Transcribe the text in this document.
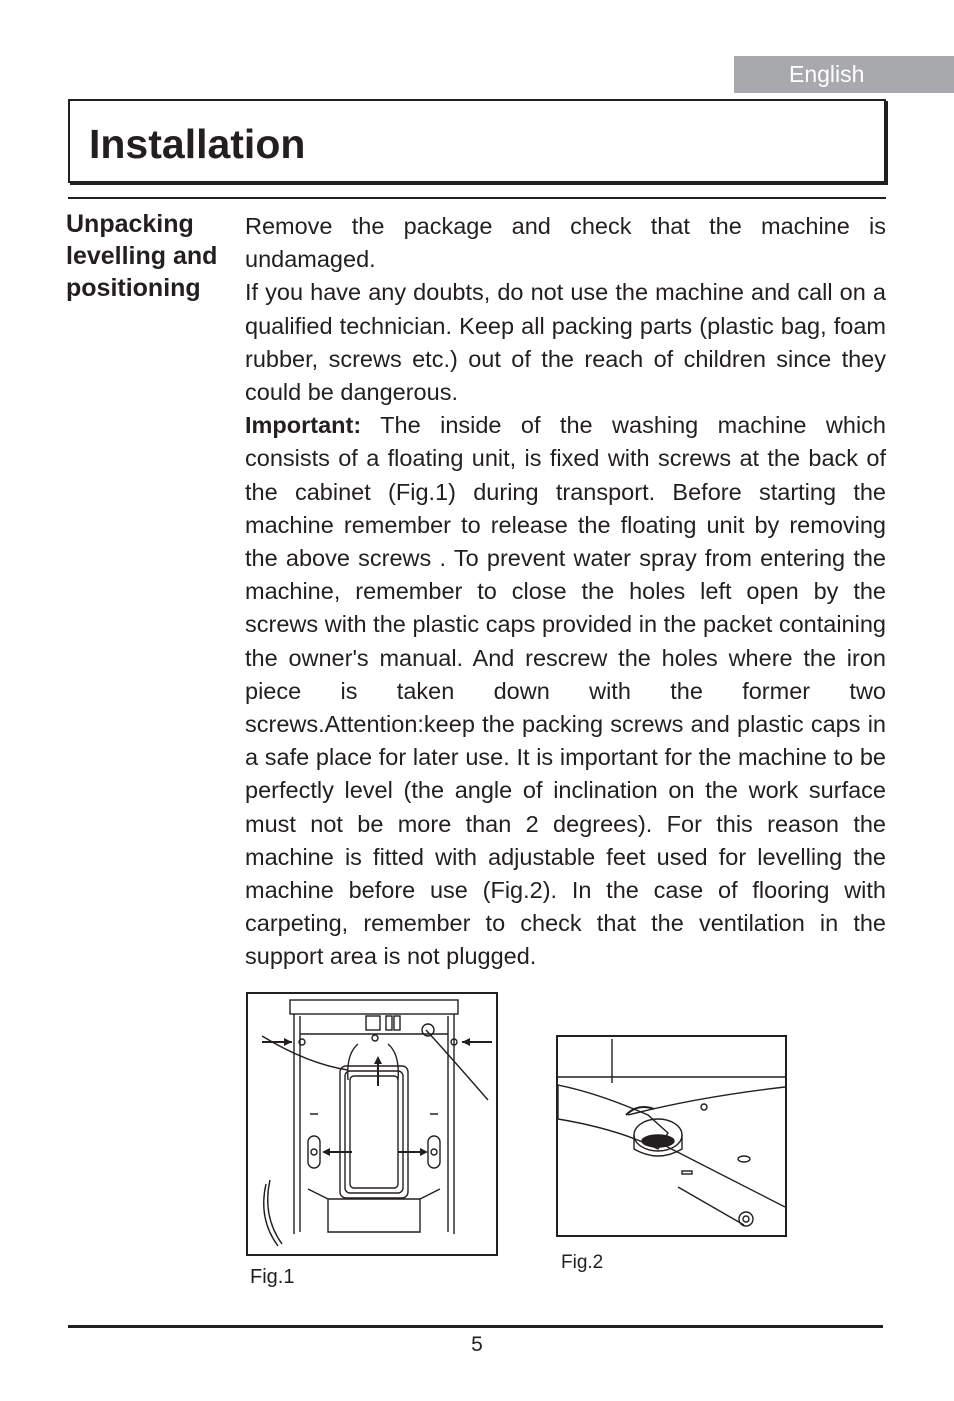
English
Installation
Unpacking
levelling and
positioning

Remove the package and check that the machine is undamaged.

If you have any doubts, do not use the machine and call on a qualified technician. Keep all packing parts (plastic bag, foam rubber, screws etc.) out of the reach of children since they could be dangerous.

Important: The inside of the washing machine which consists of a floating unit, is fixed with screws at the back of the cabinet (Fig.1) during transport. Before starting the machine remember to release the floating unit by removing the above screws . To prevent water spray from entering the machine, remember to close the holes left open by the screws with the plastic caps provided in the packet containing the owner's manual. And rescrew the holes where the iron piece is taken down with the former two screws.Attention:keep the packing screws and plastic caps in a safe place for later use. It is important for the machine to be perfectly level (the angle of inclination on the work surface must not be more than 2 degrees). For this reason the machine is fitted with adjustable feet used for levelling the machine before use (Fig.2). In the case of flooring with carpeting, remember to check that the ventilation in the support area is not plugged.

Fig.1
Fig.2
5
